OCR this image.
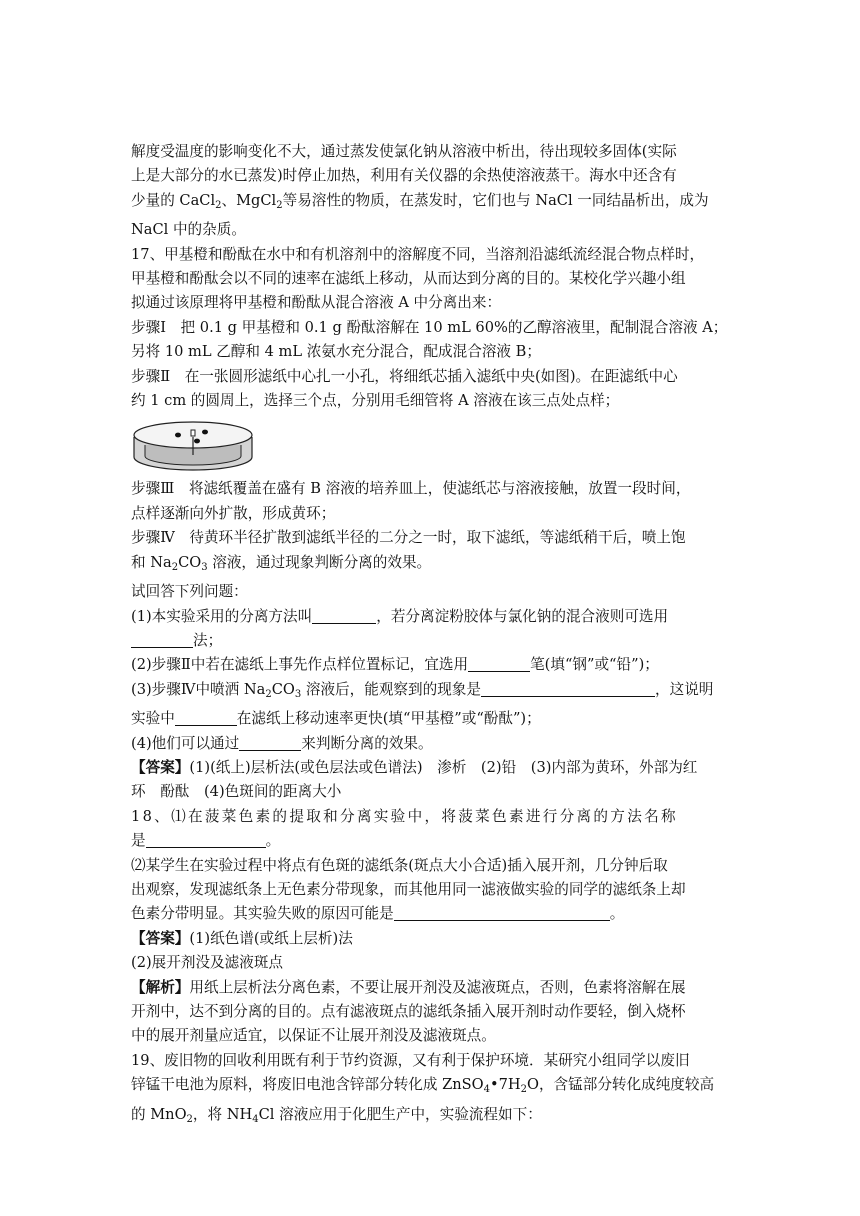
解度受温度的影响变化不大，通过蒸发使氯化钠从溶液中析出，待出现较多固体(实际

上是大部分的水已蒸发)时停止加热，利用有关仪器的余热使溶液蒸干。海水中还含有

少量的 CaCl$_2$、MgCl$_2$等易溶性的物质，在蒸发时，它们也与 NaCl 一同结晶析出，成为

NaCl 中的杂质。

17、甲基橙和酚酞在水中和有机溶剂中的溶解度不同，当溶剂沿滤纸流经混合物点样时，

甲基橙和酚酞会以不同的速率在滤纸上移动，从而达到分离的目的。某校化学兴趣小组

拟通过该原理将甲基橙和酚酞从混合溶液 A 中分离出来：

步骤Ⅰ　把 0.1 g 甲基橙和 0.1 g 酚酞溶解在 10 mL 60%的乙醇溶液里，配制混合溶液 A；

另将 10 mL 乙醇和 4 mL 浓氨水充分混合，配成混合溶液 B；

步骤Ⅱ　在一张圆形滤纸中心扎一小孔，将细纸芯插入滤纸中央(如图)。在距滤纸中心

约 1 cm 的圆周上，选择三个点，分别用毛细管将 A 溶液在该三点处点样；

步骤Ⅲ　将滤纸覆盖在盛有 B 溶液的培养皿上，使滤纸芯与溶液接触，放置一段时间，

点样逐渐向外扩散，形成黄环；

步骤Ⅳ　待黄环半径扩散到滤纸半径的二分之一时，取下滤纸，等滤纸稍干后，喷上饱

和 $Na_2CO_3$ 溶液，通过现象判断分离的效果。

试回答下列问题：

(1)本实验采用的分离方法叫	，若分离淀粉胶体与氯化钠的混合液则可选用

法；

(2)步骤Ⅱ中若在滤纸上事先作点样位置标记，宜选用	笔(填“钢”或“铅”)；

(3)步骤Ⅳ中喷洒 $Na_2CO_3$ 溶液后，能观察到的现象是	，这说明

实验中	在滤纸上移动速率更快(填“甲基橙”或“酚酞”)；

(4)他们可以通过	来判断分离的效果。

【答案】(1)(纸上)层析法(或色层法或色谱法)　渗析　(2)铅　(3)内部为黄环，外部为红

环　酚酞　(4)色斑间的距离大小

18、⑴在菠菜色素的提取和分离实验中，将菠菜色素进行分离的方法名称

是	。

⑵某学生在实验过程中将点有色斑的滤纸条(斑点大小合适)插入展开剂，几分钟后取

出观察，发现滤纸条上无色素分带现象，而其他用同一滤液做实验的同学的滤纸条上却

色素分带明显。其实验失败的原因可能是	。

【答案】(1)纸色谱(或纸上层析)法

(2)展开剂没及滤液斑点

【解析】用纸上层析法分离色素，不要让展开剂没及滤液斑点，否则，色素将溶解在展

开剂中，达不到分离的目的。点有滤液斑点的滤纸条插入展开剂时动作要轻，倒入烧杯

中的展开剂量应适宜，以保证不让展开剂没及滤液斑点。

19、废旧物的回收利用既有利于节约资源，又有利于保护环境．某研究小组同学以废旧

锌锰干电池为原料，将废旧电池含锌部分转化成 $ZnSO_4•7H_2O$，含锰部分转化成纯度较高

的 MnO$_2$，将 $NH_4Cl$ 溶液应用于化肥生产中，实验流程如下：
